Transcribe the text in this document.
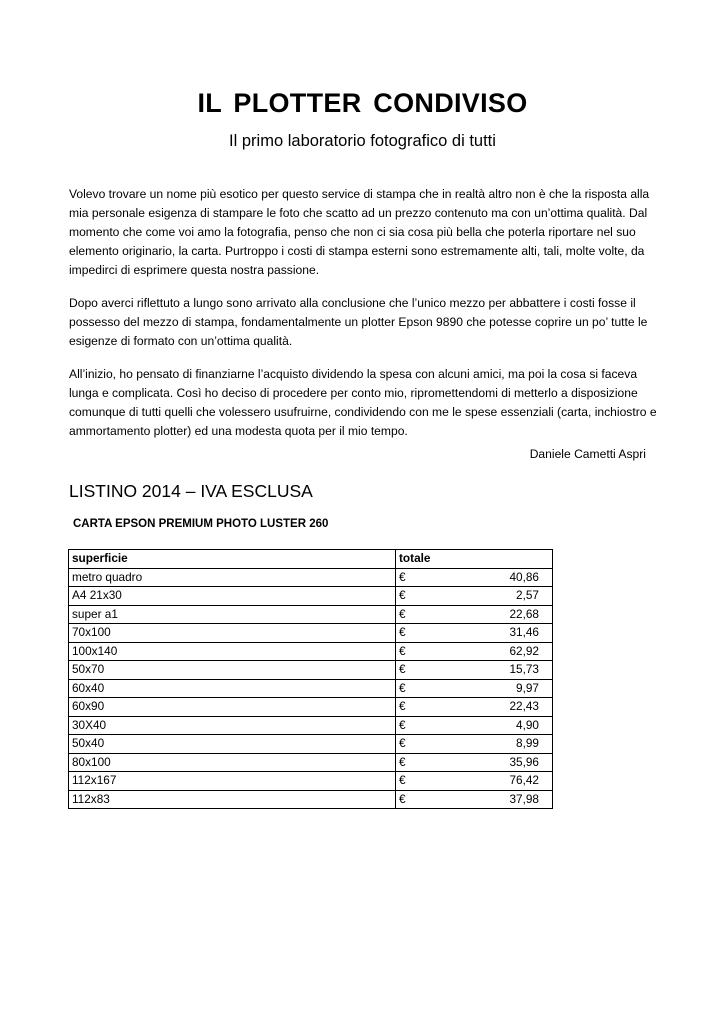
IL PLOTTER CONDIVISO
Il primo laboratorio fotografico di tutti

Volevo trovare un nome più esotico per questo service di stampa che in realtà altro non è che la risposta alla mia personale esigenza di stampare le foto che scatto ad un prezzo contenuto ma con un’ottima qualità. Dal momento che come voi amo la fotografia, penso che non ci sia cosa più bella che poterla riportare nel suo elemento originario, la carta. Purtroppo i costi di stampa esterni sono estremamente alti, tali, molte volte, da impedirci di esprimere questa nostra passione.

Dopo averci riflettuto a lungo sono arrivato alla conclusione che l’unico mezzo per abbattere i costi fosse il possesso del mezzo di stampa, fondamentalmente un plotter Epson 9890 che potesse coprire un po’ tutte le esigenze di formato con un’ottima qualità.

All’inizio, ho pensato di finanziarne l’acquisto dividendo la spesa con alcuni amici, ma poi la cosa si faceva lunga e complicata. Così ho deciso di procedere per conto mio, ripromettendomi di metterlo a disposizione comunque di tutti quelli che volessero usufruirne, condividendo con me le spese essenziali (carta, inchiostro e ammortamento plotter) ed una modesta quota per il mio tempo.

Daniele Cametti Aspri
LISTINO 2014 – IVA ESCLUSA
CARTA EPSON PREMIUM PHOTO LUSTER 260
superficie	totale
metro quadro	€ 40,86

A4 21x30	€ 2,57

super a1	€ 22,68

70x100	€ 31,46

100x140	€ 62,92

50x70	€ 15,73

60x40	€ 9,97

60x90	€ 22,43

30X40	€ 4,90

50x40	€ 8,99

80x100	€ 35,96

112x167	€ 76,42

112x83	€ 37,98
